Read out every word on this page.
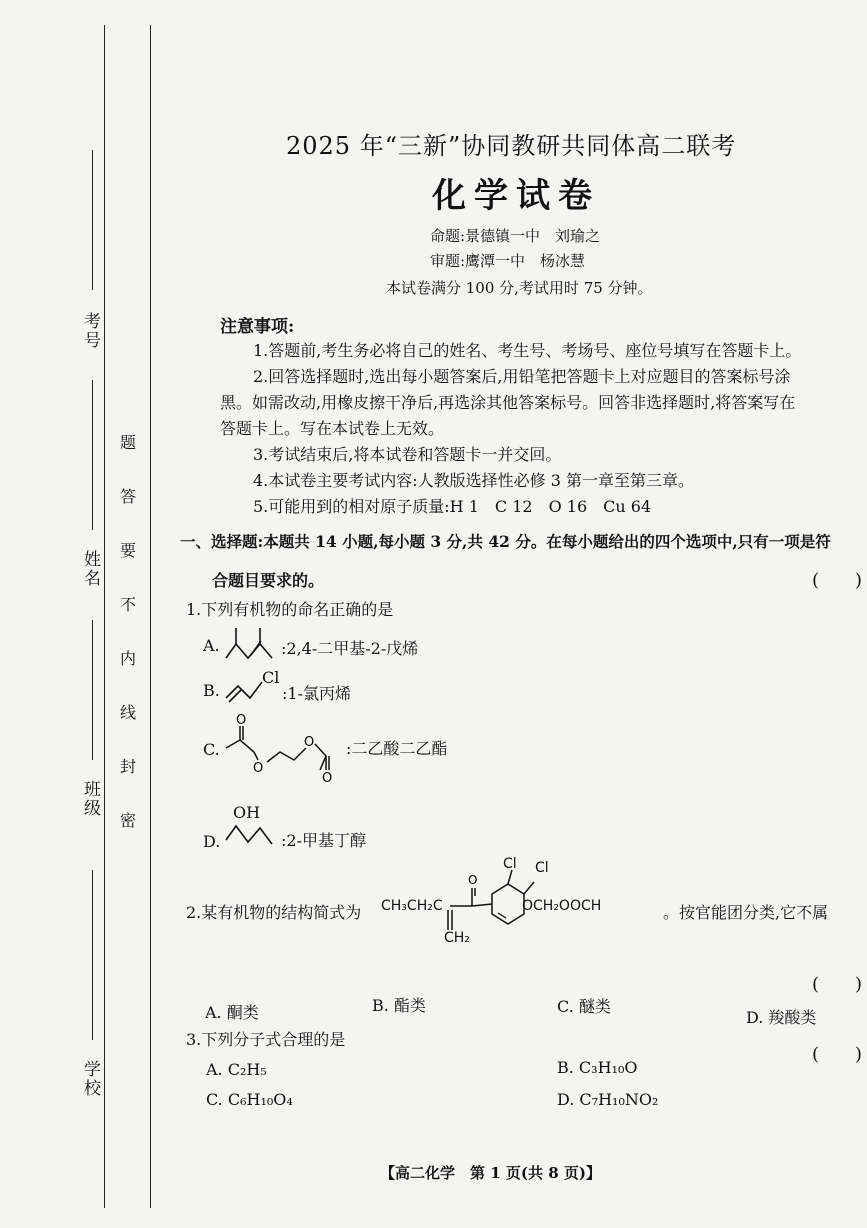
考号
姓名
班级
学校
题
答
要
不
内
线
封
密
2025 年“三新”协同教研共同体高二联考
化学试卷
命题:景德镇一中　刘瑜之
审题:鹰潭一中　杨冰慧
本试卷满分 100 分,考试用时 75 分钟。
注意事项:
1.答题前,考生务必将自己的姓名、考生号、考场号、座位号填写在答题卡上。
2.回答选择题时,选出每小题答案后,用铅笔把答题卡上对应题目的答案标号涂
黑。如需改动,用橡皮擦干净后,再选涂其他答案标号。回答非选择题时,将答案写在
答题卡上。写在本试卷上无效。
3.考试结束后,将本试卷和答题卡一并交回。
4.本试卷主要考试内容:人教版选择性必修 3 第一章至第三章。
5.可能用到的相对原子质量:H 1　C 12　O 16　Cu 64
一、选择题:本题共 14 小题,每小题 3 分,共 42 分。在每小题给出的四个选项中,只有一项是符
合题目要求的。	(　　)
1.下列有机物的命名正确的是
A.	:2,4-二甲基-2-戊烯
B.
Cl
:1-氯丙烯
C.
O
O
O
O
:二乙酸二乙酯
D.
OH
:2-甲基丁醇
2.某有机物的结构简式为 CH₃CH₂C
O
Cl Cl
OCH₂OOCH
CH₂
。按官能团分类,它不属
(　　)
A. 酮类	B. 酯类	C. 醚类
D. 羧酸类
3.下列分子式合理的是
(　　)
A. C₂H₅	B. C₃H₁₀O
C. C₆H₁₀O₄	D. C₇H₁₀NO₂
【高二化学　第 1 页(共 8 页)】
